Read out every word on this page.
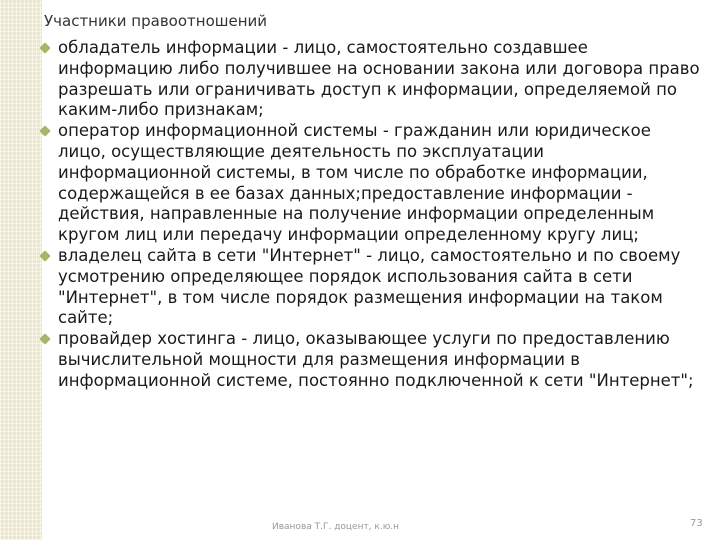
Участники правоотношений
обладатель информации - лицо, самостоятельно создавшее информацию либо получившее на основании закона или договора право разрешать или ограничивать доступ к информации, определяемой по каким-либо признакам;
оператор информационной системы - гражданин или юридическое лицо, осуществляющие деятельность по эксплуатации информационной системы, в том числе по обработке информации, содержащейся в ее базах данных;предоставление информации - действия, направленные на получение информации определенным кругом лиц или передачу информации определенному кругу лиц;
владелец сайта в сети "Интернет" - лицо, самостоятельно и по своему усмотрению определяющее порядок использования сайта в сети "Интернет", в том числе порядок размещения информации на таком сайте;
провайдер хостинга - лицо, оказывающее услуги по предоставлению вычислительной мощности для размещения информации в информационной системе, постоянно подключенной к сети "Интернет";
Иванова Т.Г. доцент, к.ю.н	73
